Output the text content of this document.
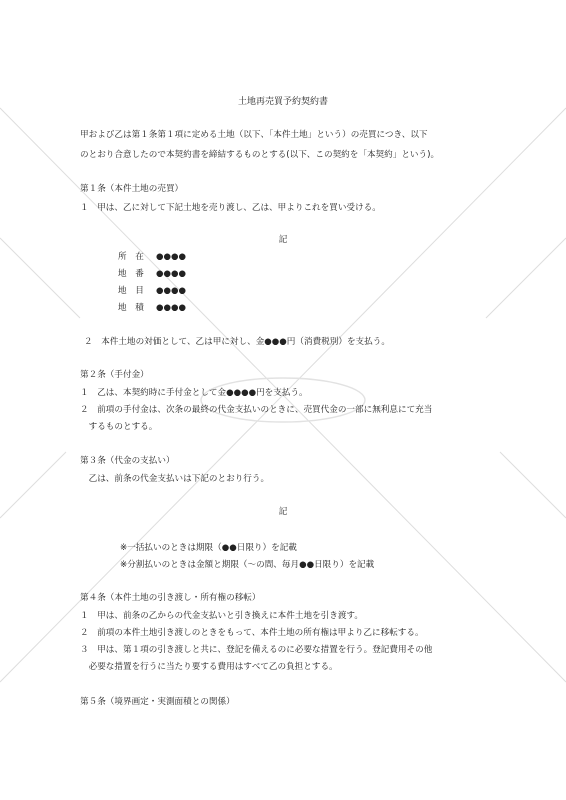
土地再売買予約契約書
甲および乙は第１条第１項に定める土地（以下、「本件土地」という）の売買につき、以下
のとおり合意したので本契約書を締結するものとする(以下、この契約を「本契約」という)。
第１条（本件土地の売買）
１　甲は、乙に対して下記土地を売り渡し、乙は、甲よりこれを買い受ける。
記
所　在 ●●●●
地　番 ●●●●
地　目 ●●●●
地　積 ●●●●
２　本件土地の対価として、乙は甲に対し、金●●●円（消費税別）を支払う。
第２条（手付金）
１　乙は、本契約時に手付金として金●●●●円を支払う。
２　前項の手付金は、次条の最終の代金支払いのときに、売買代金の一部に無利息にて充当
　するものとする。
第３条（代金の支払い）
　乙は、前条の代金支払いは下記のとおり行う。
記
※一括払いのときは期限（●●日限り）を記載
※分割払いのときは金額と期限（〜の間、毎月●●日限り）を記載
第４条（本件土地の引き渡し・所有権の移転）
１　甲は、前条の乙からの代金支払いと引き換えに本件土地を引き渡す。
２　前項の本件土地引き渡しのときをもって、本件土地の所有権は甲より乙に移転する。
３　甲は、第１項の引き渡しと共に、登記を備えるのに必要な措置を行う。登記費用その他
　必要な措置を行うに当たり要する費用はすべて乙の負担とする。
第５条（境界画定・実測面積との関係）
